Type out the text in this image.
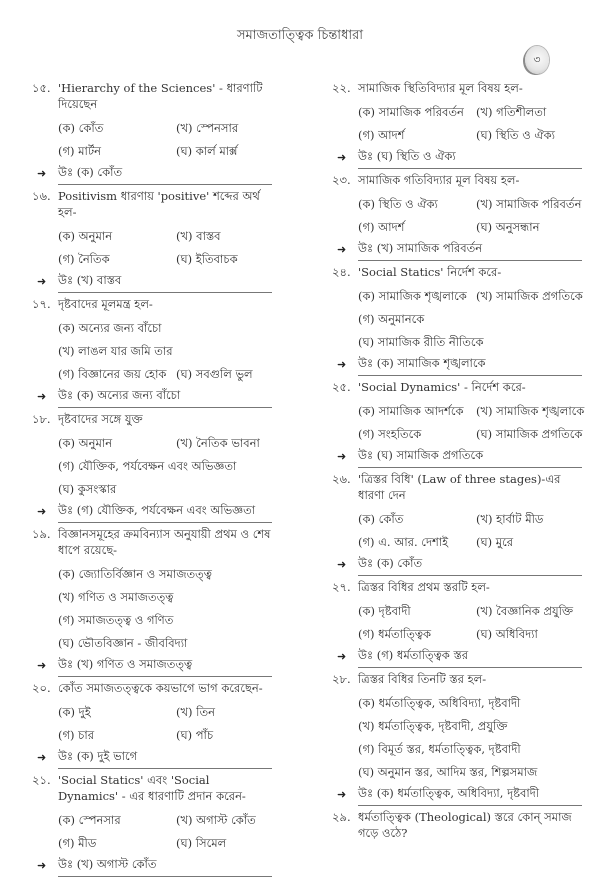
সমাজতাত্ত্বিক চিন্তাধারা
৩
১৫. 'Hierarchy of the Sciences' - ধারণাটি দিয়েছেন
(ক) কোঁত	(খ) স্পেনসার
(গ) মার্টন	(ঘ) কার্ল মার্ক্স
➜ উঃ (ক) কোঁত
১৬. Positivism ধারণায় 'positive' শব্দের অর্থ হল-
(ক) অনুমান	(খ) বাস্তব
(গ) নৈতিক	(ঘ) ইতিবাচক
➜ উঃ (খ) বাস্তব
১৭. দৃষ্টবাদের মূলমন্ত্র হল-
(ক) অন্যের জন্য বাঁচো
(খ) লাঙল যার জমি তার
(গ) বিজ্ঞানের জয় হোক (ঘ) সবগুলি ভুল
➜ উঃ (ক) অন্যের জন্য বাঁচো
১৮. দৃষ্টবাদের সঙ্গে যুক্ত
(ক) অনুমান	(খ) নৈতিক ভাবনা
(গ) যৌক্তিক, পর্যবেক্ষন এবং অভিজ্ঞতা
(ঘ) কুসংস্কার
➜ উঃ (গ) যৌক্তিক, পর্যবেক্ষন এবং অভিজ্ঞতা
১৯. বিজ্ঞানসমূহের ক্রমবিন্যাস অনুযায়ী প্রথম ও শেষ ধাপে রয়েছে-
(ক) জ্যোতির্বিজ্ঞান ও সমাজতত্ত্ব
(খ) গণিত ও সমাজতত্ত্ব
(গ) সমাজতত্ত্ব ও গণিত
(ঘ) ভৌতবিজ্ঞান - জীববিদ্যা
➜ উঃ (খ) গণিত ও সমাজতত্ত্ব
২০. কোঁত সমাজতত্ত্বকে কয়ভাগে ভাগ করেছেন-
(ক) দুই	(খ) তিন
(গ) চার	(ঘ) পাঁচ
➜ উঃ (ক) দুই ভাগে
২১. 'Social Statics' এবং 'Social Dynamics' - এর ধারণাটি প্রদান করেন-
(ক) স্পেনসার	(খ) অগাস্ট কোঁত
(গ) মীড	(ঘ) সিমেল
➜ উঃ (খ) অগাস্ট কোঁত
২২. সামাজিক স্থিতিবিদ্যার মূল বিষয় হল-
(ক) সামাজিক পরিবর্তন	(খ) গতিশীলতা
(গ) আদর্শ	(ঘ) স্থিতি ও ঐক্য
➜ উঃ (ঘ) স্থিতি ও ঐক্য
২৩. সামাজিক গতিবিদ্যার মূল বিষয় হল-
(ক) স্থিতি ও ঐক্য	(খ) সামাজিক পরিবর্তন
(গ) আদর্শ	(ঘ) অনুসন্ধান
➜ উঃ (খ) সামাজিক পরিবর্তন
২৪. 'Social Statics' নির্দেশ করে-
(ক) সামাজিক শৃঙ্খলাকে (খ) সামাজিক প্রগতিকে
(গ) অনুমানকে
(ঘ) সামাজিক রীতি নীতিকে
➜ উঃ (ক) সামাজিক শৃঙ্খলাকে
২৫. 'Social Dynamics' - নির্দেশ করে-
(ক) সামাজিক আদর্শকে	(খ) সামাজিক শৃঙ্খলাকে
(গ) সংহতিকে	(ঘ) সামাজিক প্রগতিকে
➜ উঃ (ঘ) সামাজিক প্রগতিকে
২৬. 'ত্রিস্তর বিধি' (Law of three stages)-এর ধারণা দেন
(ক) কোঁত	(খ) হার্বাট মীড
(গ) এ. আর. দেশাই	(ঘ) মুরে
➜ উঃ (ক) কোঁত
২৭. ত্রিস্তর বিধির প্রথম স্তরটি হল-
(ক) দৃষ্টবাদী	(খ) বৈজ্ঞানিক প্রযুক্তি
(গ) ধর্মতাত্ত্বিক	(ঘ) অধিবিদ্যা
➜ উঃ (গ) ধর্মতাত্ত্বিক স্তর
২৮. ত্রিস্তর বিধির তিনটি স্তর হল-
(ক) ধর্মতাত্ত্বিক, অধিবিদ্যা, দৃষ্টবাদী
(খ) ধর্মতাত্ত্বিক, দৃষ্টবাদী, প্রযুক্তি
(গ) বিমূর্ত স্তর, ধর্মতাত্ত্বিক, দৃষ্টবাদী
(ঘ) অনুমান স্তর, আদিম স্তর, শিল্পসমাজ
➜ উঃ (ক) ধর্মতাত্ত্বিক, অধিবিদ্যা, দৃষ্টবাদী
২৯. ধর্মতাত্ত্বিক (Theological) স্তরে কোন্ সমাজ গড়ে ওঠে?
